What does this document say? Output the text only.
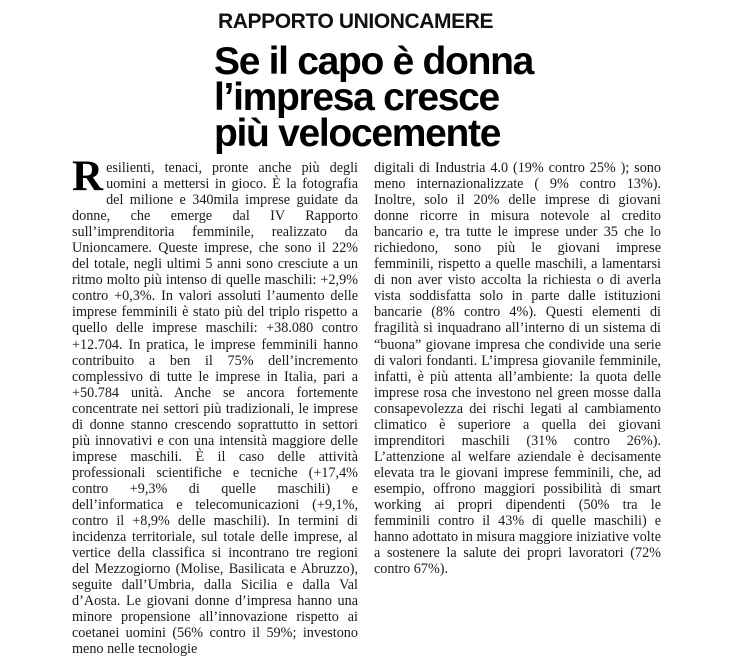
RAPPORTO UNIONCAMERE
Se il capo è donna
l’impresa cresce
più velocemente
Resilienti, tenaci, pronte anche più degli uomini a mettersi in gioco. È la fotografia del milione e 340mila imprese guidate da donne, che emerge dal IV Rapporto sull’imprenditoria femminile, realizzato da Unioncamere. Queste imprese, che sono il 22% del totale, negli ultimi 5 anni sono cresciute a un ritmo molto più intenso di quelle maschili: +2,9% contro +0,3%. In valori assoluti l’aumento delle imprese femminili è stato più del triplo rispetto a quello delle imprese maschili: +38.080 contro +12.704. In pratica, le imprese femminili hanno contribuito a ben il 75% dell’incremento complessivo di tutte le imprese in Italia, pari a +50.784 unità. Anche se ancora fortemente concentrate nei settori più tradizionali, le imprese di donne stanno crescendo soprattutto in settori più innovativi e con una intensità maggiore delle imprese maschili. È il caso delle attività professionali scientifiche e tecniche (+17,4% contro +9,3% di quelle maschili) e dell’informatica e telecomunicazioni (+9,1%, contro il +8,9% delle maschili). In termini di incidenza territoriale, sul totale delle imprese, al vertice della classifica si incontrano tre regioni del Mezzogiorno (Molise, Basilicata e Abruzzo), seguite dall’Umbria, dalla Sicilia e dalla Val d’Aosta. Le giovani donne d’impresa hanno una minore propensione all’innovazione rispetto ai coetanei uomini (56% contro il 59%; investono meno nelle tecnologie
digitali di Industria 4.0 (19% contro 25% ); sono meno internazionalizzate ( 9% contro 13%). Inoltre, solo il 20% delle imprese di giovani donne ricorre in misura notevole al credito bancario e, tra tutte le imprese under 35 che lo richiedono, sono più le giovani imprese femminili, rispetto a quelle maschili, a lamentarsi di non aver visto accolta la richiesta o di averla vista soddisfatta solo in parte dalle istituzioni bancarie (8% contro 4%). Questi elementi di fragilità si inquadrano all’interno di un sistema di “buona” giovane impresa che condivide una serie di valori fondanti. L’impresa giovanile femminile, infatti, è più attenta all’ambiente: la quota delle imprese rosa che investono nel green mosse dalla consapevolezza dei rischi legati al cambiamento climatico è superiore a quella dei giovani imprenditori maschili (31% contro 26%). L’attenzione al welfare aziendale è decisamente elevata tra le giovani imprese femminili, che, ad esempio, offrono maggiori possibilità di smart working ai propri dipendenti (50% tra le femminili contro il 43% di quelle maschili) e hanno adottato in misura maggiore iniziative volte a sostenere la salute dei propri lavoratori (72% contro 67%).
